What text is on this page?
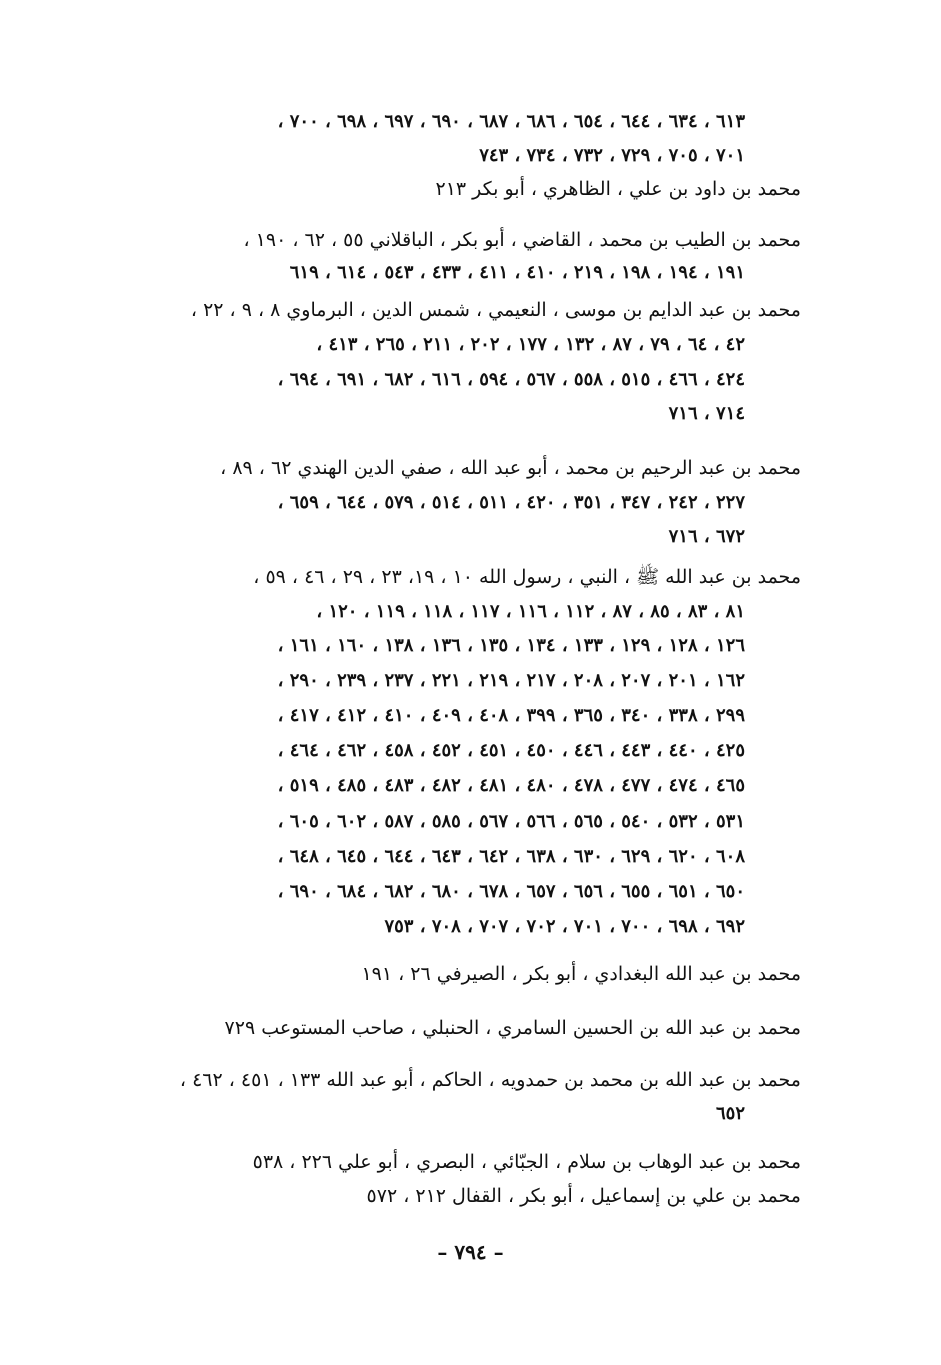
٦١٣ ، ٦٣٤ ، ٦٤٤ ، ٦٥٤ ، ٦٨٦ ، ٦٨٧ ، ٦٩٠ ، ٦٩٧ ، ٦٩٨ ، ٧٠٠ ،
٧٠١ ، ٧٠٥ ، ٧٢٩ ، ٧٣٢ ، ٧٣٤ ، ٧٤٣
محمد بن داود بن علي ، الظاهري ، أبو بكر ٢١٣
محمد بن الطيب بن محمد ، القاضي ، أبو بكر ، الباقلاني ٥٥ ، ٦٢ ، ١٩٠ ،
١٩١ ، ١٩٤ ، ١٩٨ ، ٢١٩ ، ٤١٠ ، ٤١١ ، ٤٣٣ ، ٥٤٣ ، ٦١٤ ، ٦١٩
محمد بن عبد الدايم بن موسى ، النعيمي ، شمس الدين ، البرماوي ٨ ، ٩ ، ٢٢ ،
٤٢ ، ٦٤ ، ٧٩ ، ٨٧ ، ١٣٢ ، ١٧٧ ، ٢٠٢ ، ٢١١ ، ٢٦٥ ، ٤١٣ ،
٤٢٤ ، ٤٦٦ ، ٥١٥ ، ٥٥٨ ، ٥٦٧ ، ٥٩٤ ، ٦١٦ ، ٦٨٢ ، ٦٩١ ، ٦٩٤ ،
٧١٤ ، ٧١٦
محمد بن عبد الرحيم بن محمد ، أبو عبد الله ، صفي الدين الهندي ٦٢ ، ٨٩ ،
٢٢٧ ، ٢٤٢ ، ٣٤٧ ، ٣٥١ ، ٤٢٠ ، ٥١١ ، ٥١٤ ، ٥٧٩ ، ٦٤٤ ، ٦٥٩ ،
٦٧٢ ، ٧١٦
محمد بن عبد الله ﷺ ، النبي ، رسول الله ١٠ ، ١٩، ٢٣ ، ٢٩ ، ٤٦ ، ٥٩ ،
٨١ ، ٨٣ ، ٨٥ ، ٨٧ ، ١١٢ ، ١١٦ ، ١١٧ ، ١١٨ ، ١١٩ ، ١٢٠ ،
١٢٦ ، ١٢٨ ، ١٢٩ ، ١٣٣ ، ١٣٤ ، ١٣٥ ، ١٣٦ ، ١٣٨ ، ١٦٠ ، ١٦١ ،
١٦٢ ، ٢٠١ ، ٢٠٧ ، ٢٠٨ ، ٢١٧ ، ٢١٩ ، ٢٢١ ، ٢٣٧ ، ٢٣٩ ، ٢٩٠ ،
٢٩٩ ، ٣٣٨ ، ٣٤٠ ، ٣٦٥ ، ٣٩٩ ، ٤٠٨ ، ٤٠٩ ، ٤١٠ ، ٤١٢ ، ٤١٧ ،
٤٢٥ ، ٤٤٠ ، ٤٤٣ ، ٤٤٦ ، ٤٥٠ ، ٤٥١ ، ٤٥٢ ، ٤٥٨ ، ٤٦٢ ، ٤٦٤ ،
٤٦٥ ، ٤٧٤ ، ٤٧٧ ، ٤٧٨ ، ٤٨٠ ، ٤٨١ ، ٤٨٢ ، ٤٨٣ ، ٤٨٥ ، ٥١٩ ،
٥٣١ ، ٥٣٢ ، ٥٤٠ ، ٥٦٥ ، ٥٦٦ ، ٥٦٧ ، ٥٨٥ ، ٥٨٧ ، ٦٠٢ ، ٦٠٥ ،
٦٠٨ ، ٦٢٠ ، ٦٢٩ ، ٦٣٠ ، ٦٣٨ ، ٦٤٢ ، ٦٤٣ ، ٦٤٤ ، ٦٤٥ ، ٦٤٨ ،
٦٥٠ ، ٦٥١ ، ٦٥٥ ، ٦٥٦ ، ٦٥٧ ، ٦٧٨ ، ٦٨٠ ، ٦٨٢ ، ٦٨٤ ، ٦٩٠ ،
٦٩٢ ، ٦٩٨ ، ٧٠٠ ، ٧٠١ ، ٧٠٢ ، ٧٠٧ ، ٧٠٨ ، ٧٥٣
محمد بن عبد الله البغدادي ، أبو بكر ، الصيرفي ٢٦ ، ١٩١
محمد بن عبد الله بن الحسين السامري ، الحنبلي ، صاحب المستوعب ٧٢٩
محمد بن عبد الله بن محمد بن حمدويه ، الحاكم ، أبو عبد الله ١٣٣ ، ٤٥١ ، ٤٦٢ ،
٦٥٢
محمد بن عبد الوهاب بن سلام ، الجبّائي ، البصري ، أبو علي ٢٢٦ ، ٥٣٨
محمد بن علي بن إسماعيل ، أبو بكر ، القفال ٢١٢ ، ٥٧٢
– ٧٩٤ –
